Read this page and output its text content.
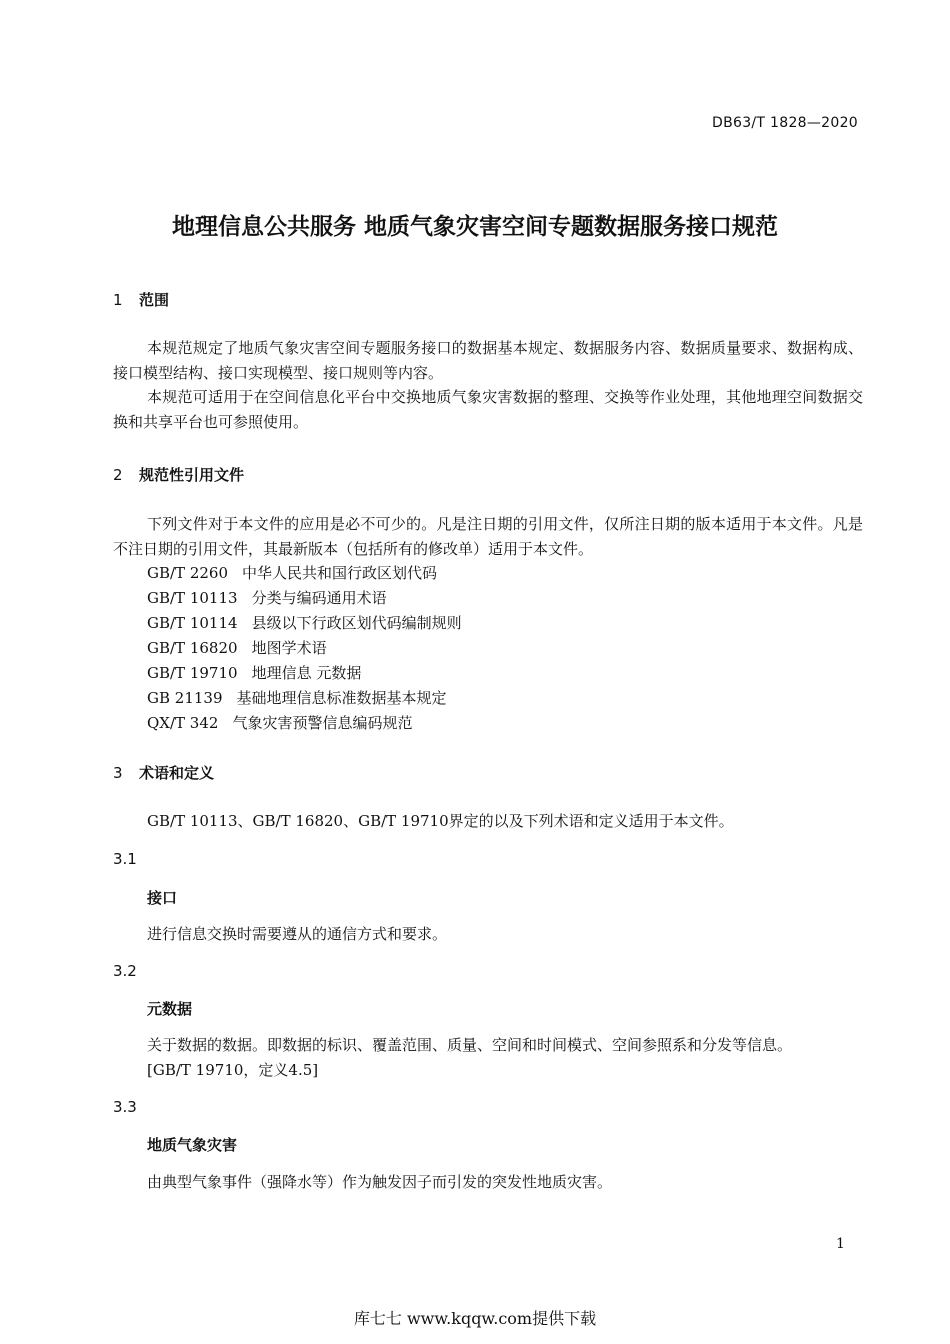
DB63/T 1828—2020
地理信息公共服务 地质气象灾害空间专题数据服务接口规范
1 范围
本规范规定了地质气象灾害空间专题服务接口的数据基本规定、数据服务内容、数据质量要求、数据构成、接口模型结构、接口实现模型、接口规则等内容。
本规范可适用于在空间信息化平台中交换地质气象灾害数据的整理、交换等作业处理，其他地理空间数据交换和共享平台也可参照使用。
2 规范性引用文件
下列文件对于本文件的应用是必不可少的。凡是注日期的引用文件，仅所注日期的版本适用于本文件。凡是不注日期的引用文件，其最新版本（包括所有的修改单）适用于本文件。
GB/T 2260 中华人民共和国行政区划代码
GB/T 10113 分类与编码通用术语
GB/T 10114 县级以下行政区划代码编制规则
GB/T 16820 地图学术语
GB/T 19710 地理信息 元数据
GB 21139 基础地理信息标准数据基本规定
QX/T 342 气象灾害预警信息编码规范
3 术语和定义
GB/T 10113、GB/T 16820、GB/T 19710界定的以及下列术语和定义适用于本文件。
3.1
接口
进行信息交换时需要遵从的通信方式和要求。
3.2
元数据
关于数据的数据。即数据的标识、覆盖范围、质量、空间和时间模式、空间参照系和分发等信息。
[GB/T 19710，定义4.5]
3.3
地质气象灾害
由典型气象事件（强降水等）作为触发因子而引发的突发性地质灾害。
1
库七七 www.kqqw.com提供下载
